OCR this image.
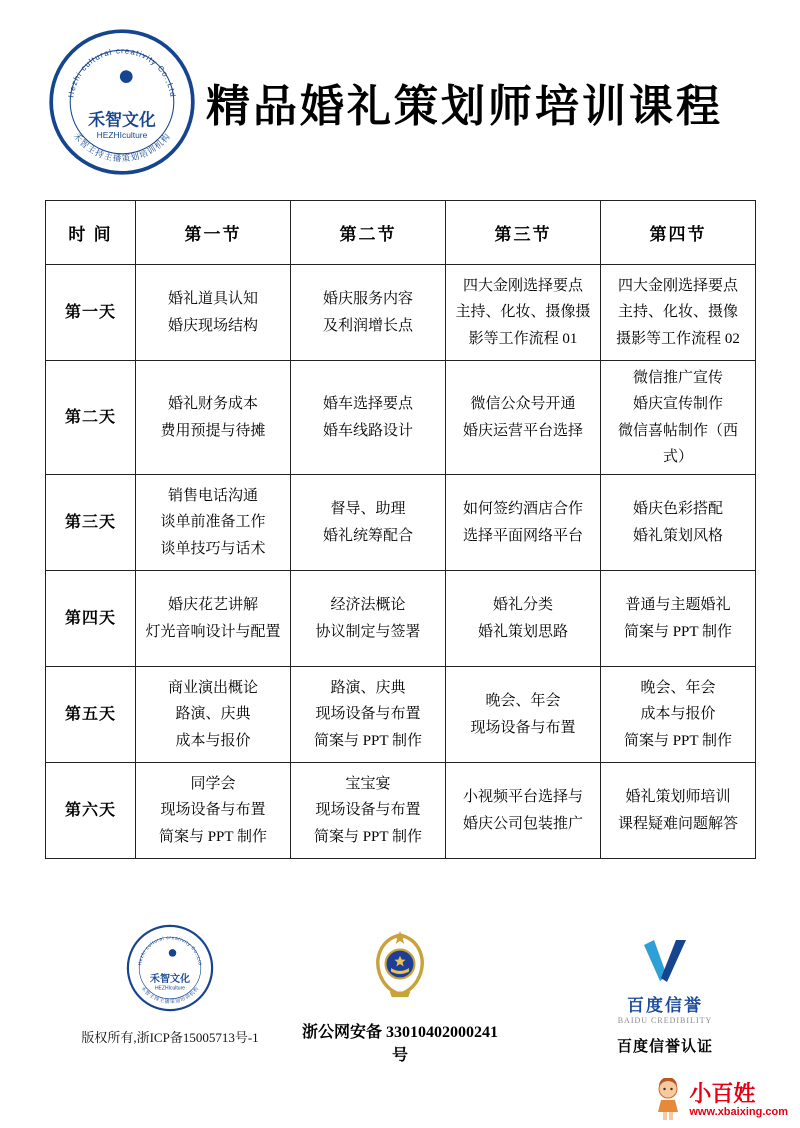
Hezhi cultural creativity Co.,Ltd
禾智主持主播策划培训机构
禾智文化
HEZHIculture
精品婚礼策划师培训课程
时 间	第一节	第二节	第三节	第四节
第一天	
婚礼道具认知
婚庆现场结构

婚庆服务内容
及利润增长点

四大金刚选择要点
主持、化妆、摄像摄
影等工作流程 01

四大金刚选择要点
主持、化妆、摄像
摄影等工作流程 02

第二天	
婚礼财务成本
费用预提与待摊

婚车选择要点
婚车线路设计

微信公众号开通
婚庆运营平台选择

微信推广宣传
婚庆宣传制作
微信喜帖制作（西式）

第三天	
销售电话沟通
谈单前准备工作
谈单技巧与话术

督导、助理
婚礼统筹配合

如何签约酒店合作
选择平面网络平台

婚庆色彩搭配
婚礼策划风格

第四天	
婚庆花艺讲解
灯光音响设计与配置

经济法概论
协议制定与签署

婚礼分类
婚礼策划思路

普通与主题婚礼
简案与 PPT 制作

第五天	
商业演出概论
路演、庆典
成本与报价

路演、庆典
现场设备与布置
简案与 PPT 制作

晚会、年会
现场设备与布置

晚会、年会
成本与报价
简案与 PPT 制作

第六天	
同学会
现场设备与布置
简案与 PPT 制作

宝宝宴
现场设备与布置
简案与 PPT 制作

小视频平台选择与
婚庆公司包装推广

婚礼策划师培训
课程疑难问题解答
Hezhi cultural creativity Co.,Ltd
禾智主持主播策划培训机构
禾智文化
HEZHIculture
版权所有,浙ICP备15005713号-1	浙公网安备 33010402000241号
百度信誉
BAIDU CREDIBILITY
百度信誉认证
小百姓
www.xbaixing.com
